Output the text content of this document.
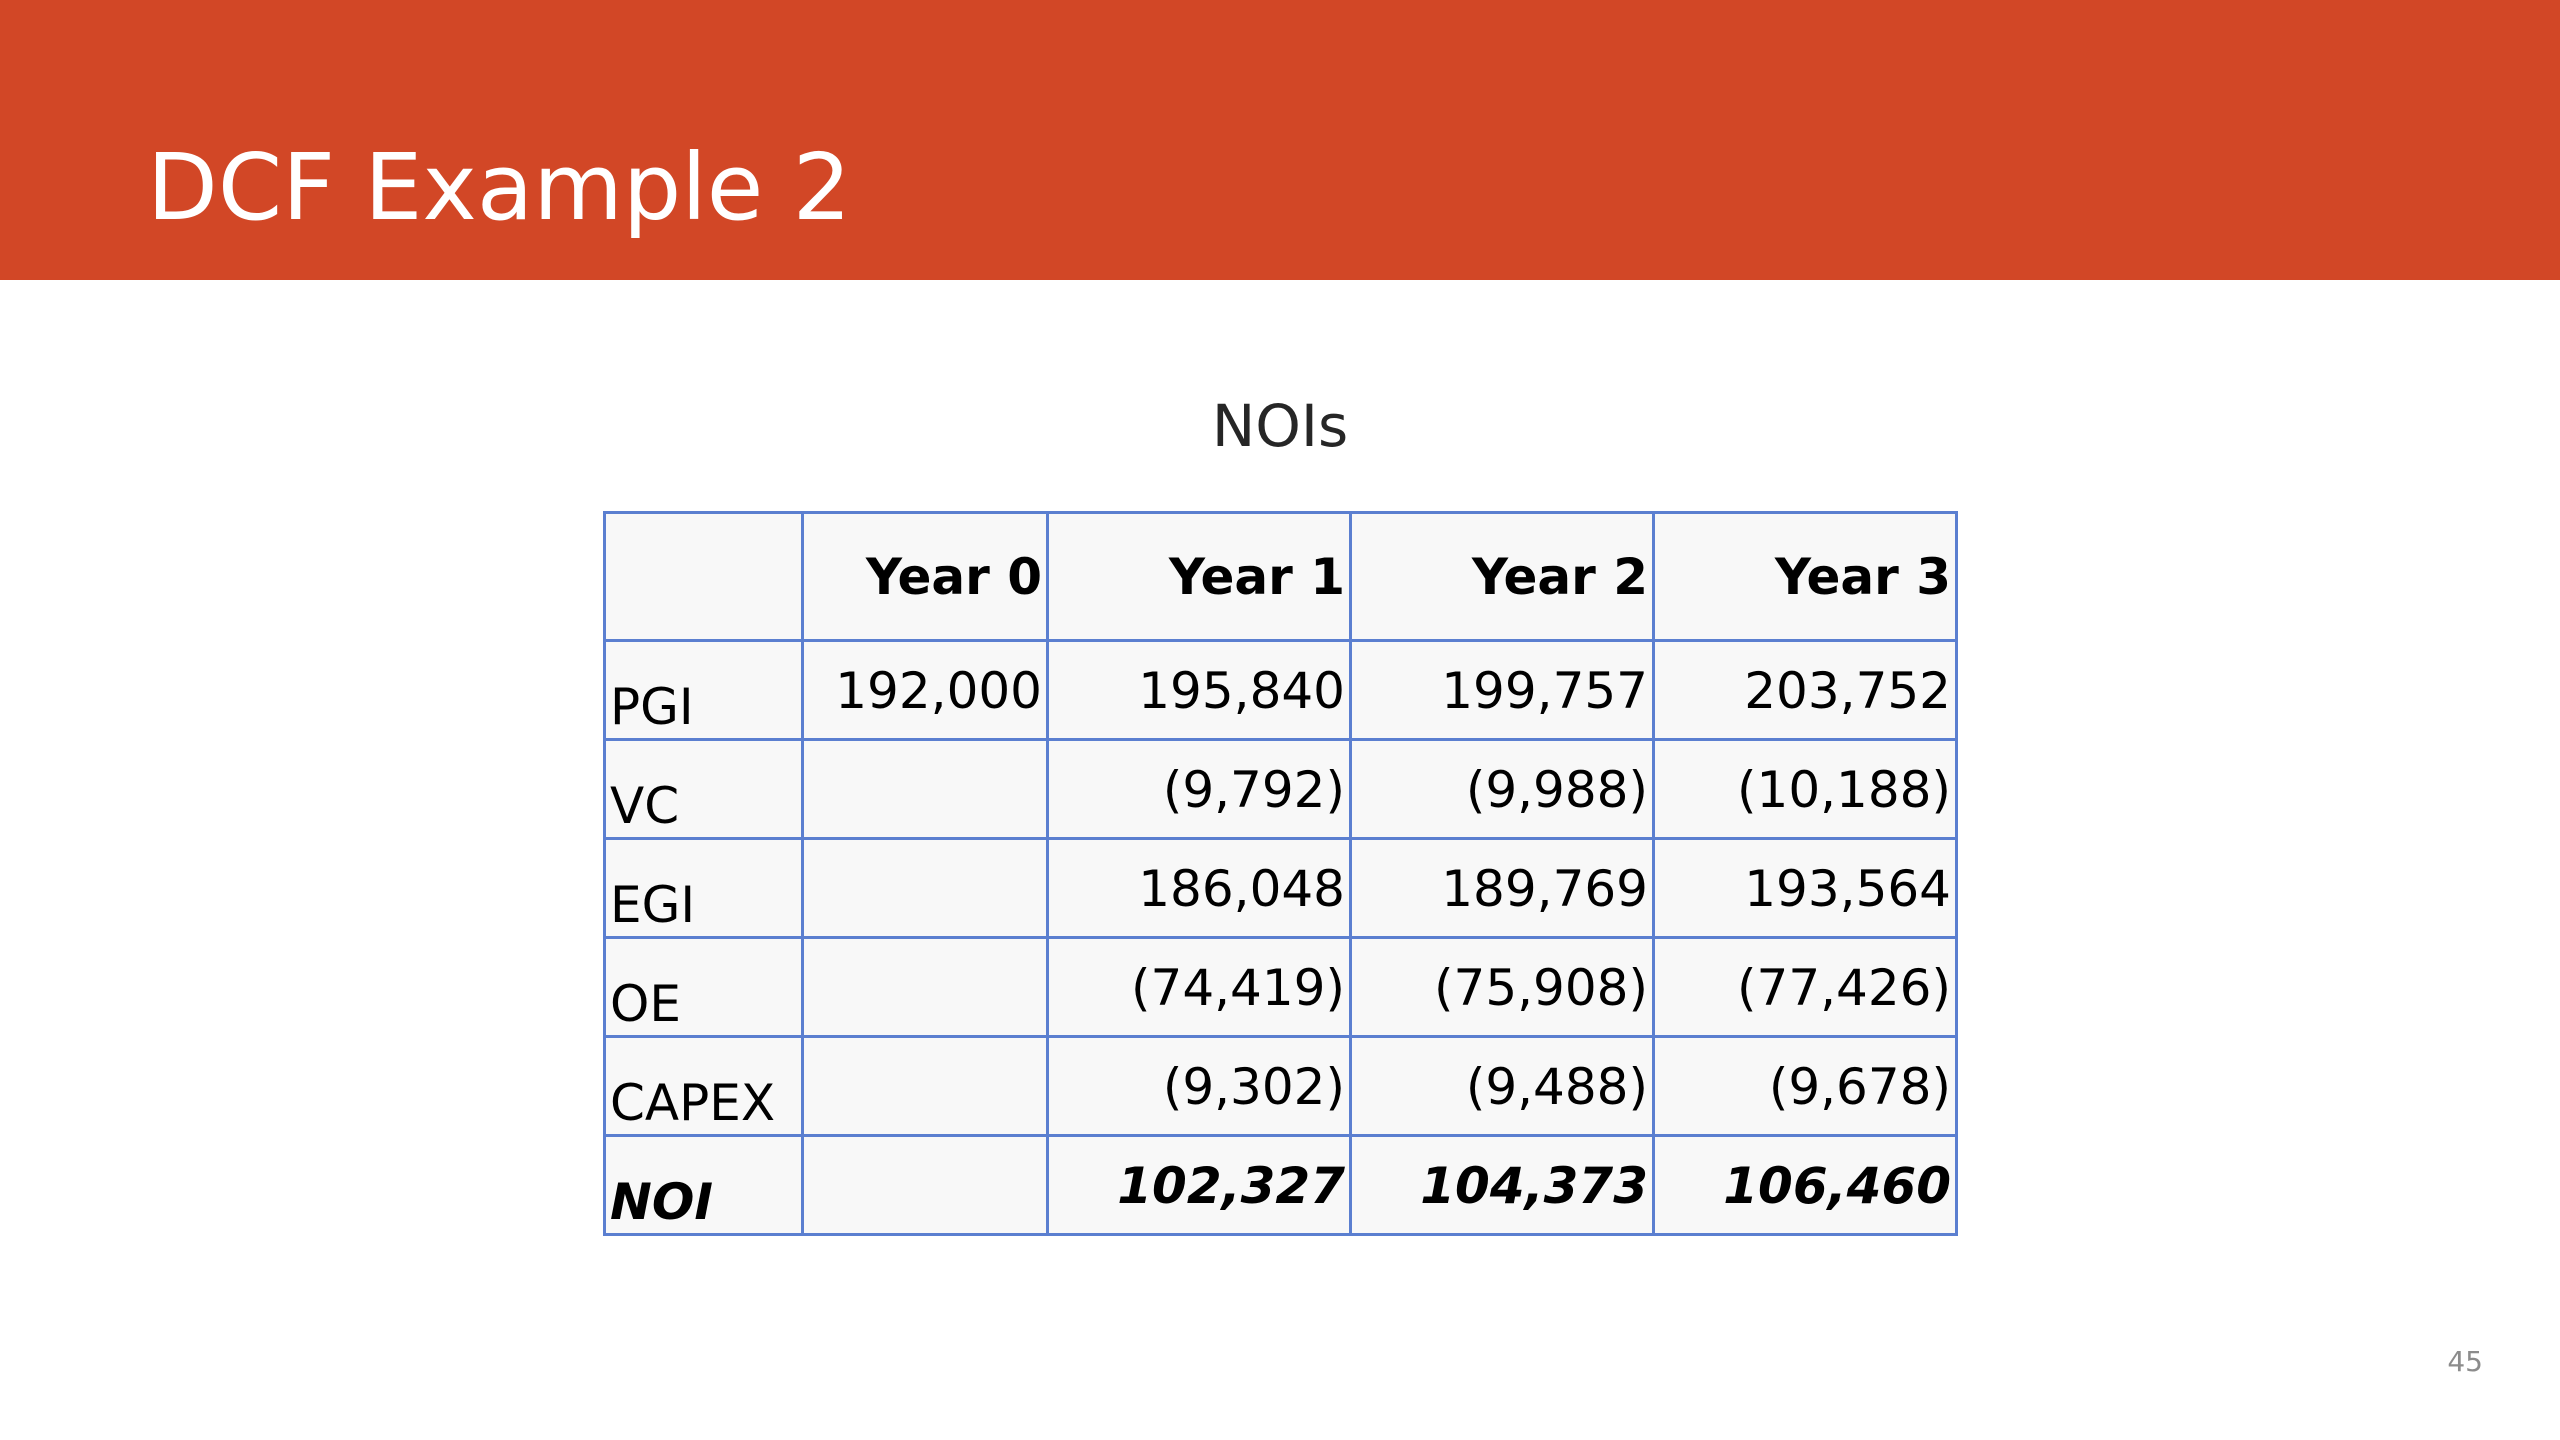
DCF Example 2
NOIs
	Year 0	Year 1	Year 2	Year 3
PGI	192,000	195,840	199,757	203,752
VC		(9,792)	(9,988)	(10,188)
EGI		186,048	189,769	193,564
OE		(74,419)	(75,908)	(77,426)
CAPEX		(9,302)	(9,488)	(9,678)
NOI		102,327	104,373	106,460
45
